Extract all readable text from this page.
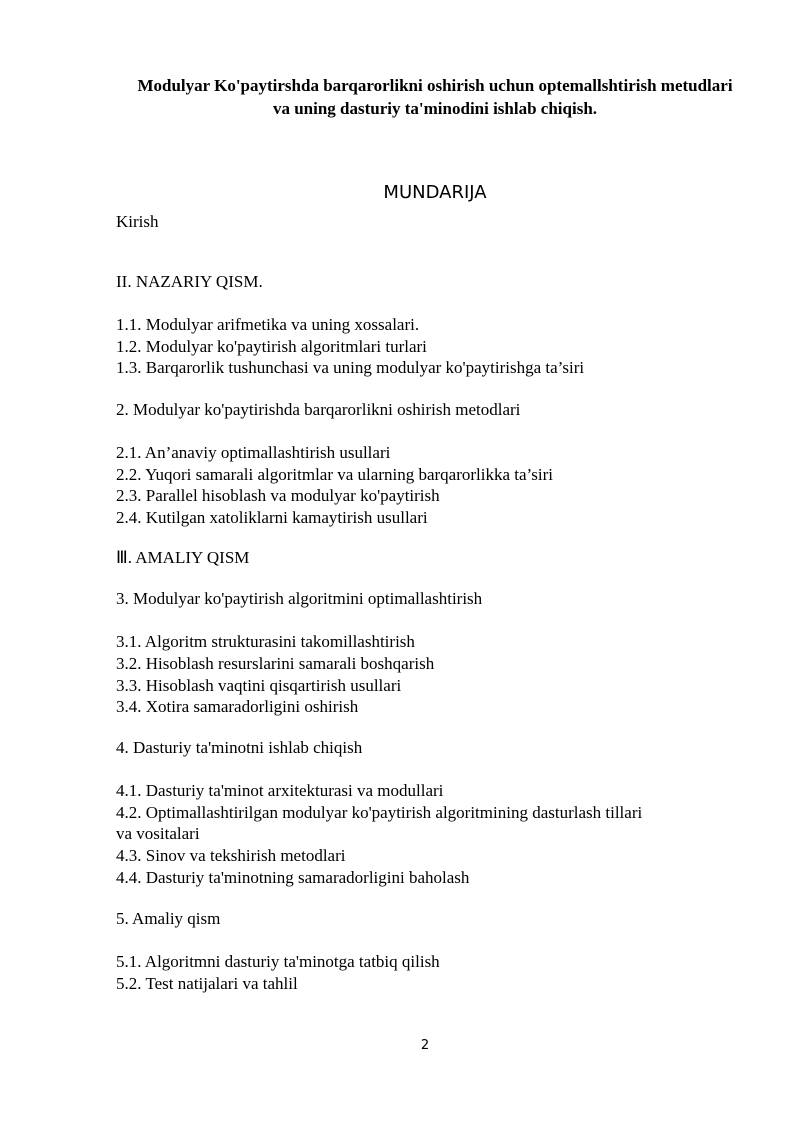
Modulyar Ko'paytirshda barqarorlikni oshirish uchun optemallshtirish metudlari
va uning dasturiy ta'minodini ishlab chiqish.
MUNDARIJA
Kirish
II. NAZARIY QISM.
1.1. Modulyar arifmetika va uning xossalari.
1.2. Modulyar ko'paytirish algoritmlari turlari
1.3. Barqarorlik tushunchasi va uning modulyar ko'paytirishga ta’siri
2. Modulyar ko'paytirishda barqarorlikni oshirish metodlari
2.1. An’anaviy optimallashtirish usullari
2.2. Yuqori samarali algoritmlar va ularning barqarorlikka ta’siri
2.3. Parallel hisoblash va modulyar ko'paytirish
2.4. Kutilgan xatoliklarni kamaytirish usullari
Ⅲ. AMALIY QISM
3. Modulyar ko'paytirish algoritmini optimallashtirish
3.1. Algoritm strukturasini takomillashtirish
3.2. Hisoblash resurslarini samarali boshqarish
3.3. Hisoblash vaqtini qisqartirish usullari
3.4. Xotira samaradorligini oshirish
4. Dasturiy ta'minotni ishlab chiqish
4.1. Dasturiy ta'minot arxitekturasi va modullari
4.2. Optimallashtirilgan modulyar ko'paytirish algoritmining dasturlash tillari
va vositalari
4.3. Sinov va tekshirish metodlari
4.4. Dasturiy ta'minotning samaradorligini baholash
5. Amaliy qism
5.1. Algoritmni dasturiy ta'minotga tatbiq qilish
5.2. Test natijalari va tahlil
2
